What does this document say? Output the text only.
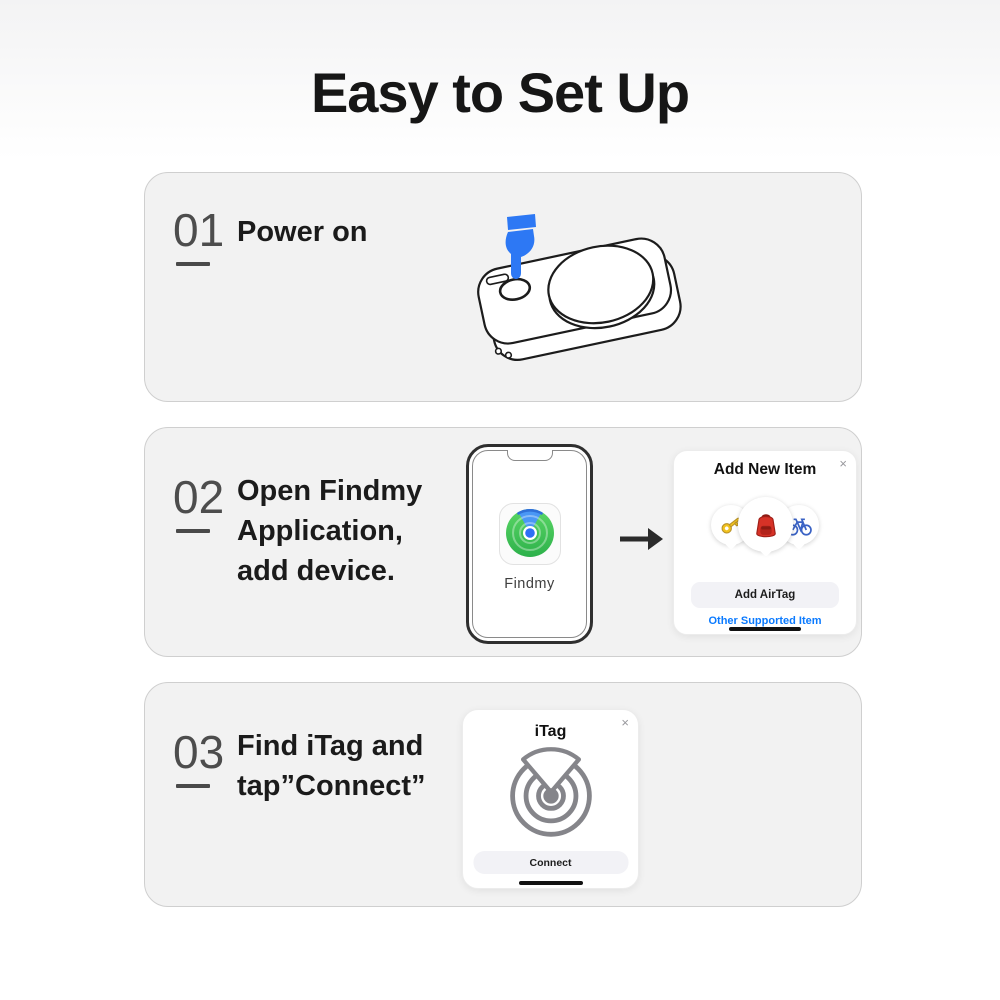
Easy to Set Up
01 Power on
02 Open Findmy
Application,
add device.	Findmy
Add New Item	×
Add AirTag
Other Supported Item
03 Find iTag and
tap”Connect”
iTag
×
Connect
